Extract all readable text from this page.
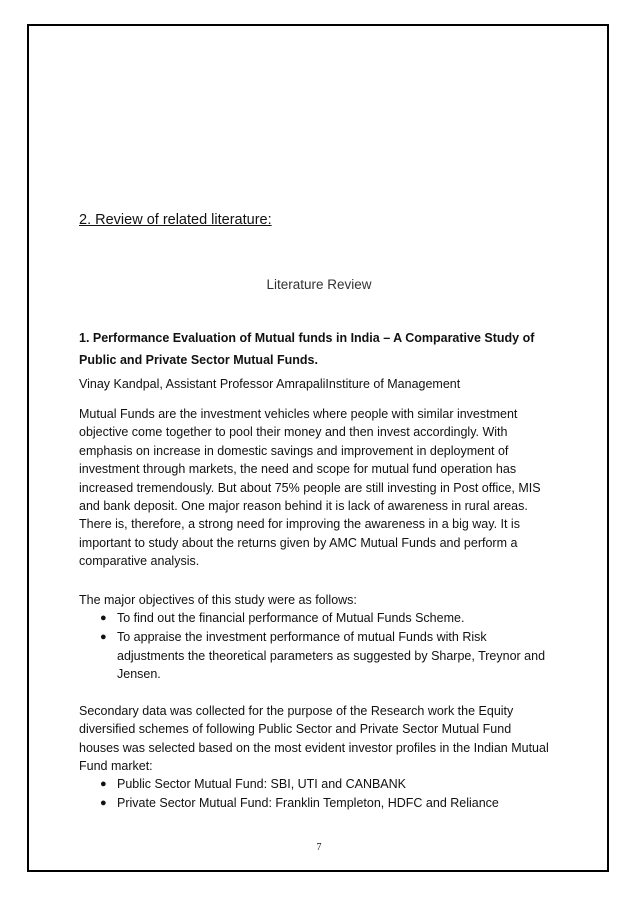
2. Review of related literature:

Literature Review

1. Performance Evaluation of Mutual funds in India – A Comparative Study of Public and Private Sector Mutual Funds.

Vinay Kandpal, Assistant Professor AmrapaliInstiture of Management

Mutual Funds are the investment vehicles where people with similar investment objective come together to pool their money and then invest accordingly. With emphasis on increase in domestic savings and improvement in deployment of investment through markets, the need and scope for mutual fund operation has increased tremendously. But about 75% people are still investing in Post office, MIS and bank deposit. One major reason behind it is lack of awareness in rural areas. There is, therefore, a strong need for improving the awareness in a big way. It is important to study about the returns given by AMC Mutual Funds and perform a comparative analysis.

The major objectives of this study were as follows:

● To find out the financial performance of Mutual Funds Scheme.
● To appraise the investment performance of mutual Funds with Risk adjustments the theoretical parameters as suggested by Sharpe, Treynor and Jensen.

Secondary data was collected for the purpose of the Research work the Equity diversified schemes of following Public Sector and Private Sector Mutual Fund houses was selected based on the most evident investor profiles in the Indian Mutual Fund market:

● Public Sector Mutual Fund: SBI, UTI and CANBANK
● Private Sector Mutual Fund: Franklin Templeton, HDFC and Reliance
7
